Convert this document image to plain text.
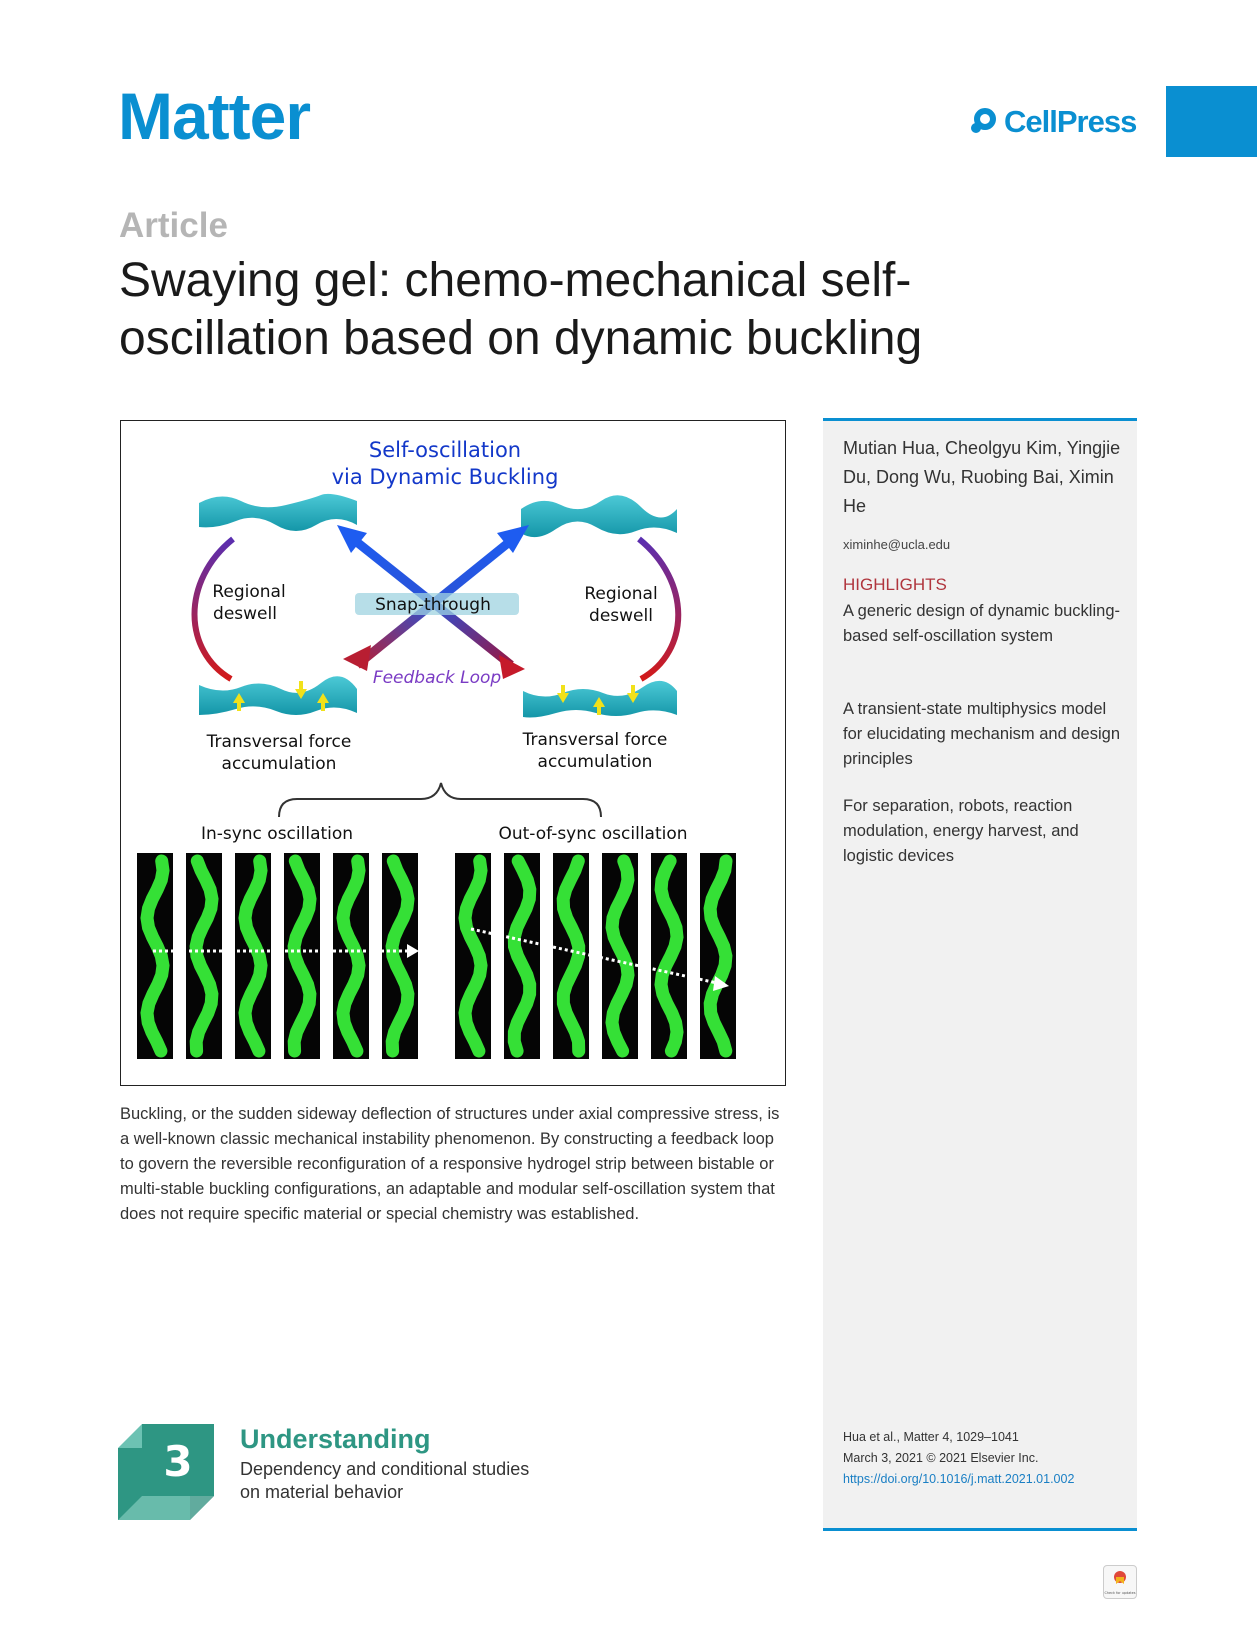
Matter	CellPress
Article
Swaying gel: chemo-mechanical self-oscillation based on dynamic buckling
Self-oscillation
via Dynamic Buckling
Snap-through
Regional
deswell
Regional
deswell
Feedback Loop
Transversal force
accumulation
Transversal force
accumulation
In-sync oscillation	Out-of-sync oscillation
Mutian Hua, Cheolgyu Kim, Yingjie Du, Dong Wu, Ruobing Bai, Ximin He
ximinhe@ucla.edu
HIGHLIGHTS
A generic design of dynamic buckling-based self-oscillation system
A transient-state multiphysics model for elucidating mechanism and design principles
For separation, robots, reaction modulation, energy harvest, and logistic devices
Hua et al., Matter 4, 1029–1041
March 3, 2021 © 2021 Elsevier Inc.
https://doi.org/10.1016/j.matt.2021.01.002
Buckling, or the sudden sideway deflection of structures under axial compressive stress, is a well-known classic mechanical instability phenomenon. By constructing a feedback loop to govern the reversible reconfiguration of a responsive hydrogel strip between bistable or multi-stable buckling configurations, an adaptable and modular self-oscillation system that does not require specific material or special chemistry was established.
3 Understanding
Dependency and conditional studies
on material behavior
Check for updates
